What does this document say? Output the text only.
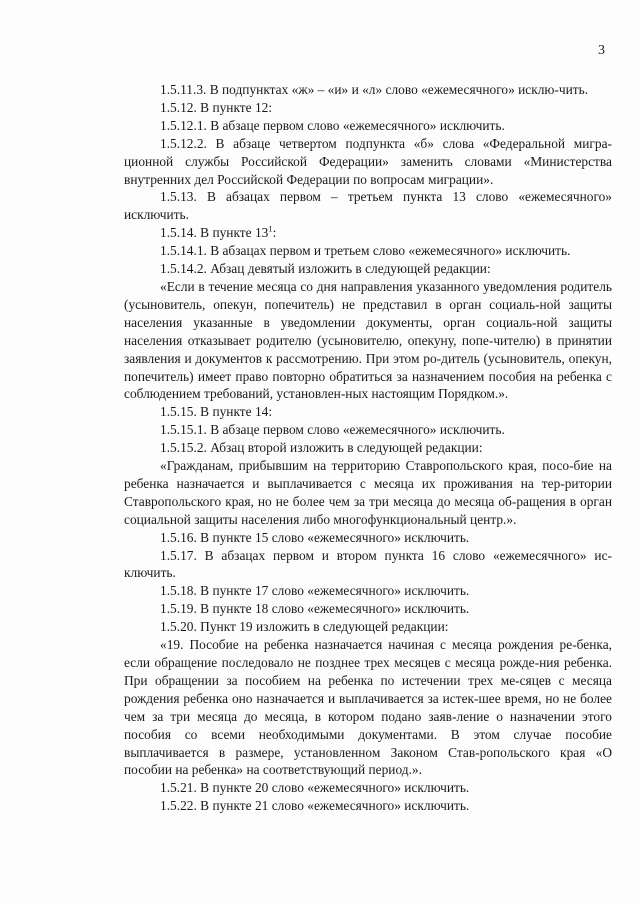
3

1.5.11.3. В подпунктах «ж» – «и» и «л» слово «ежемесячного» исклю-чить.

1.5.12. В пункте 12:

1.5.12.1. В абзаце первом слово «ежемесячного» исключить.

1.5.12.2. В абзаце четвертом подпункта «б» слова «Федеральной мигра-ционной службы Российской Федерации» заменить словами «Министерства внутренних дел Российской Федерации по вопросам миграции».

1.5.13. В абзацах первом – третьем пункта 13 слово «ежемесячного» исключить.

1.5.14. В пункте $13^1$:

1.5.14.1. В абзацах первом и третьем слово «ежемесячного» исключить.

1.5.14.2. Абзац девятый изложить в следующей редакции:

«Если в течение месяца со дня направления указанного уведомления родитель (усыновитель, опекун, попечитель) не представил в орган социаль-ной защиты населения указанные в уведомлении документы, орган социаль-ной защиты населения отказывает родителю (усыновителю, опекуну, попе-чителю) в принятии заявления и документов к рассмотрению. При этом ро-дитель (усыновитель, опекун, попечитель) имеет право повторно обратиться за назначением пособия на ребенка с соблюдением требований, установлен-ных настоящим Порядком.».

1.5.15. В пункте 14:

1.5.15.1. В абзаце первом слово «ежемесячного» исключить.

1.5.15.2. Абзац второй изложить в следующей редакции:

«Гражданам, прибывшим на территорию Ставропольского края, посо-бие на ребенка назначается и выплачивается с месяца их проживания на тер-ритории Ставропольского края, но не более чем за три месяца до месяца об-ращения в орган социальной защиты населения либо многофункциональный центр.».

1.5.16. В пункте 15 слово «ежемесячного» исключить.

1.5.17. В абзацах первом и втором пункта 16 слово «ежемесячного» ис-ключить.

1.5.18. В пункте 17 слово «ежемесячного» исключить.

1.5.19. В пункте 18 слово «ежемесячного» исключить.

1.5.20. Пункт 19 изложить в следующей редакции:

«19. Пособие на ребенка назначается начиная с месяца рождения ре-бенка, если обращение последовало не позднее трех месяцев с месяца рожде-ния ребенка. При обращении за пособием на ребенка по истечении трех ме-сяцев с месяца рождения ребенка оно назначается и выплачивается за истек-шее время, но не более чем за три месяца до месяца, в котором подано заяв-ление о назначении этого пособия со всеми необходимыми документами. В этом случае пособие выплачивается в размере, установленном Законом Став-ропольского края «О пособии на ребенка» на соответствующий период.».

1.5.21. В пункте 20 слово «ежемесячного» исключить.

1.5.22. В пункте 21 слово «ежемесячного» исключить.
